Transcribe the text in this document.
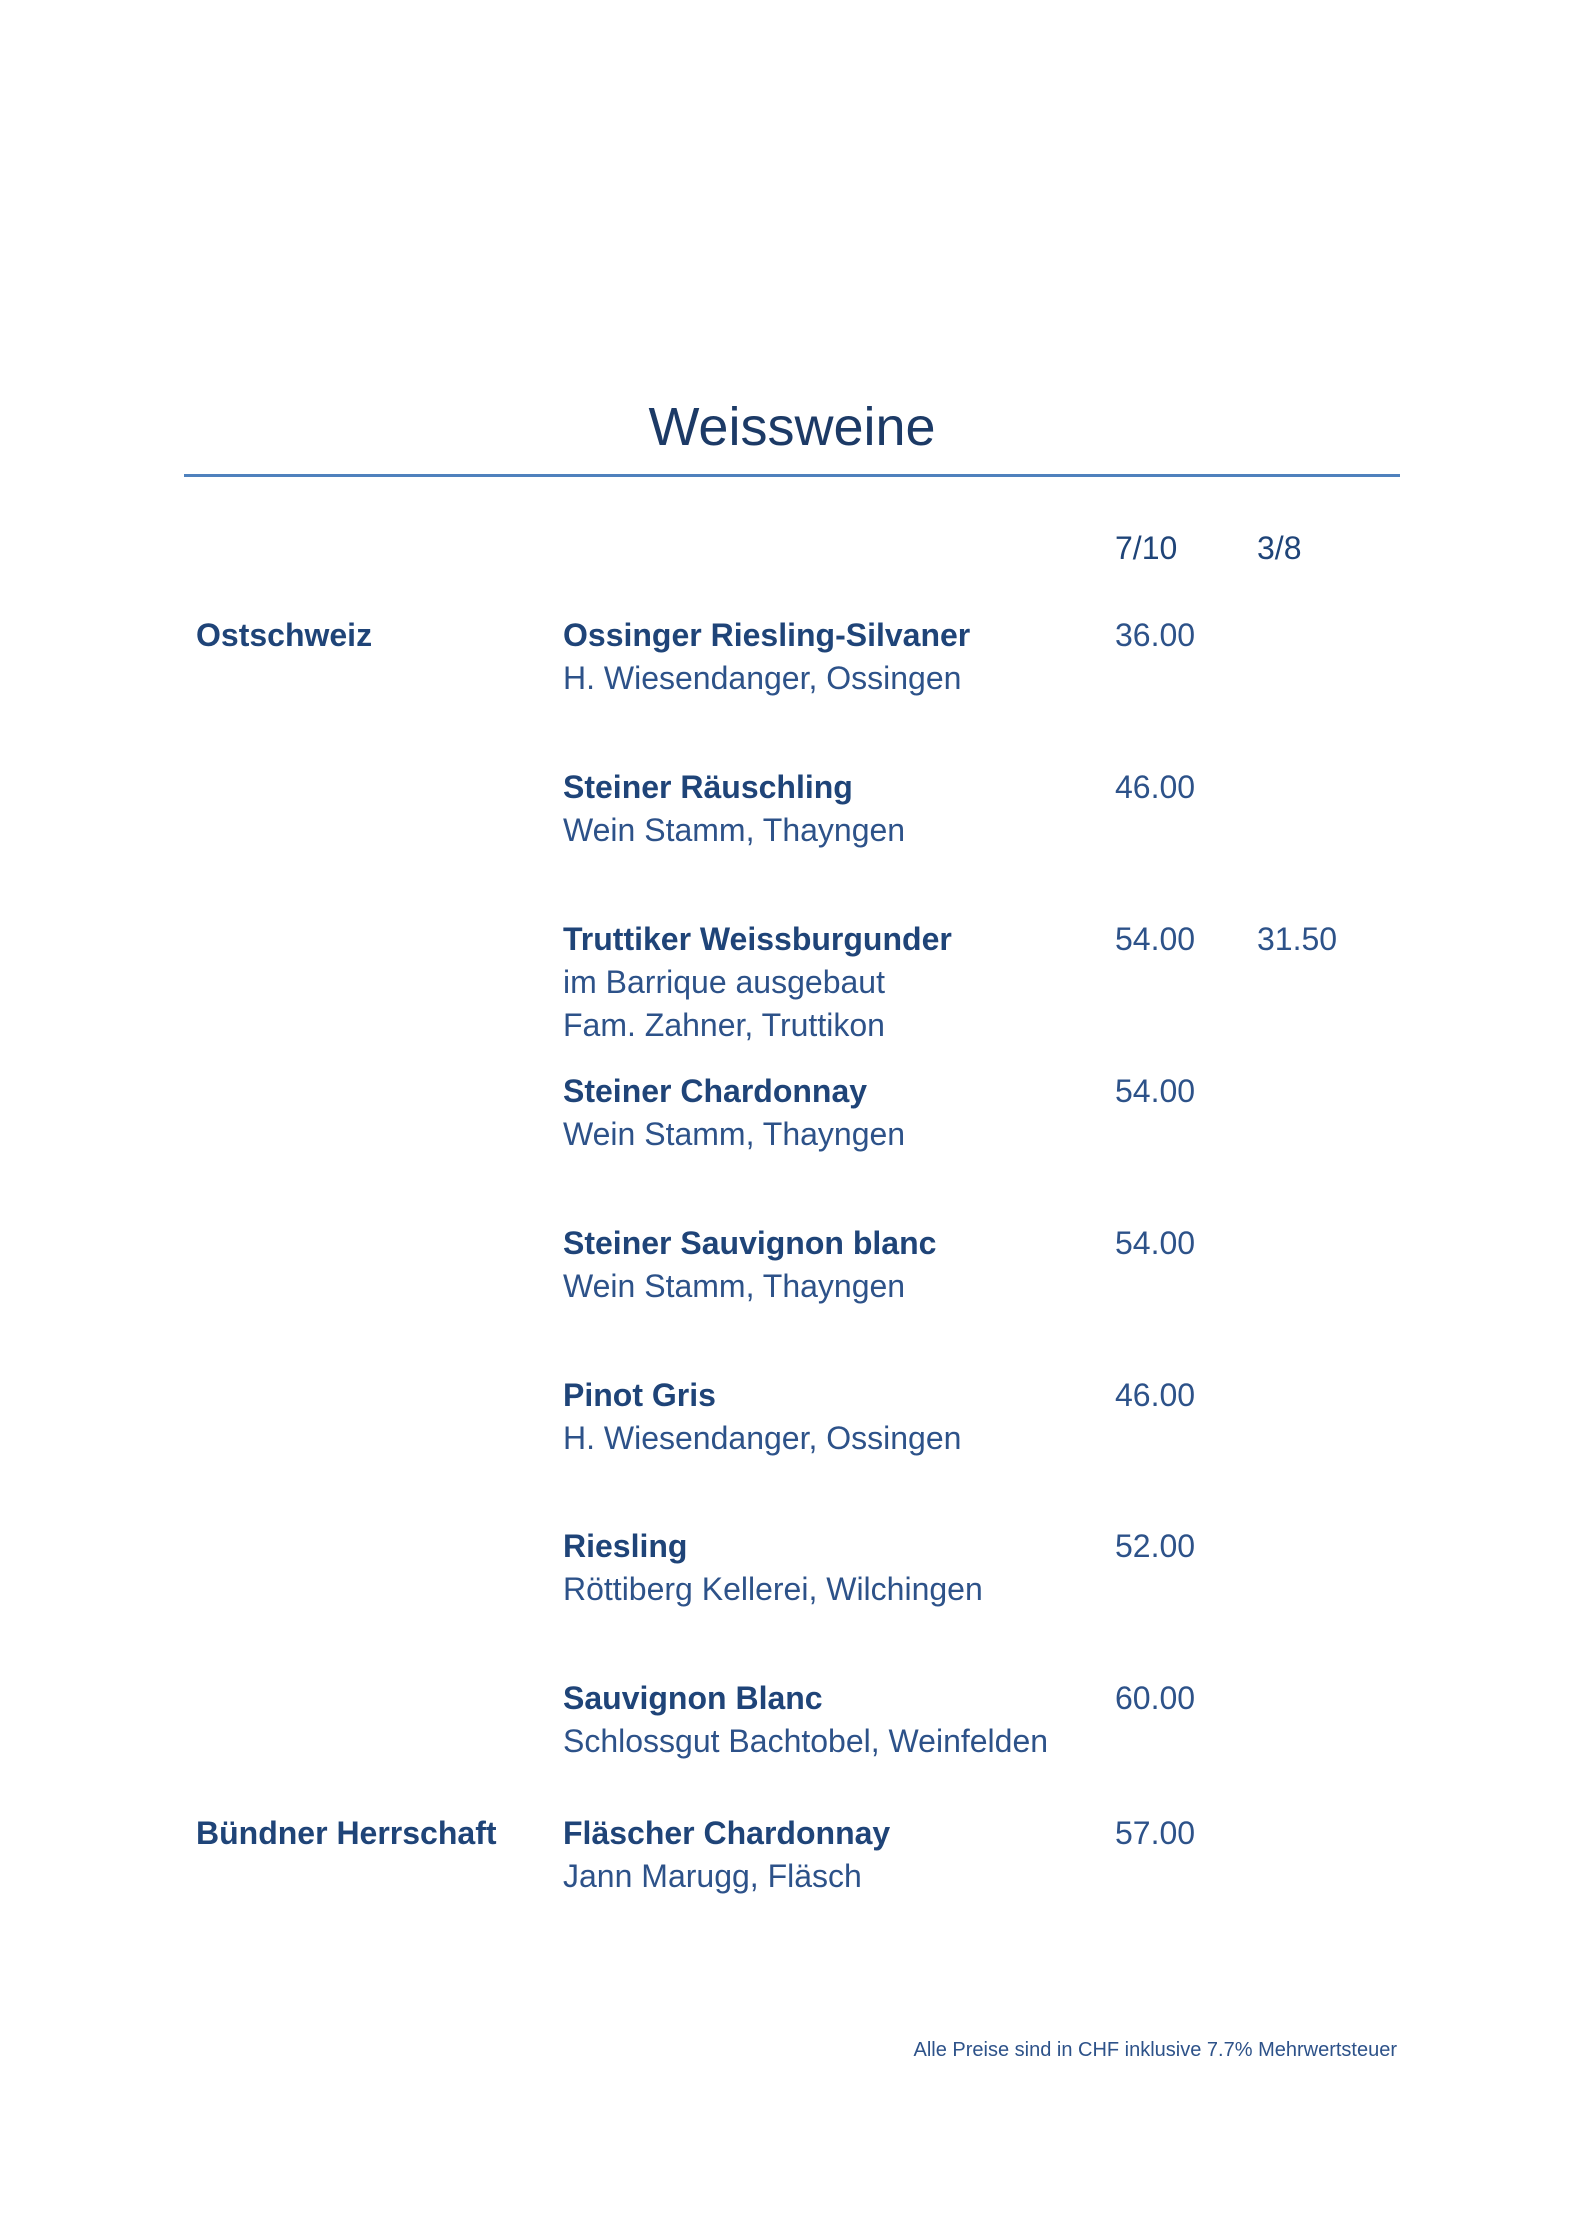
Weissweine
7/10 3/8
Ostschweiz	Ossinger Riesling-Silvaner
H. Wiesendanger, Ossingen
36.00
Steiner Räuschling
Wein Stamm, Thayngen
46.00
Truttiker Weissburgunder
im Barrique ausgebaut
Fam. Zahner, Truttikon
54.00 31.50
Steiner Chardonnay
Wein Stamm, Thayngen
54.00
Steiner Sauvignon blanc
Wein Stamm, Thayngen
54.00
Pinot Gris
H. Wiesendanger, Ossingen
46.00
Riesling
Röttiberg Kellerei, Wilchingen
52.00
Sauvignon Blanc
Schlossgut Bachtobel, Weinfelden
60.00
Bündner Herrschaft Fläscher Chardonnay
Jann Marugg, Fläsch
57.00
Alle Preise sind in CHF inklusive 7.7% Mehrwertsteuer
